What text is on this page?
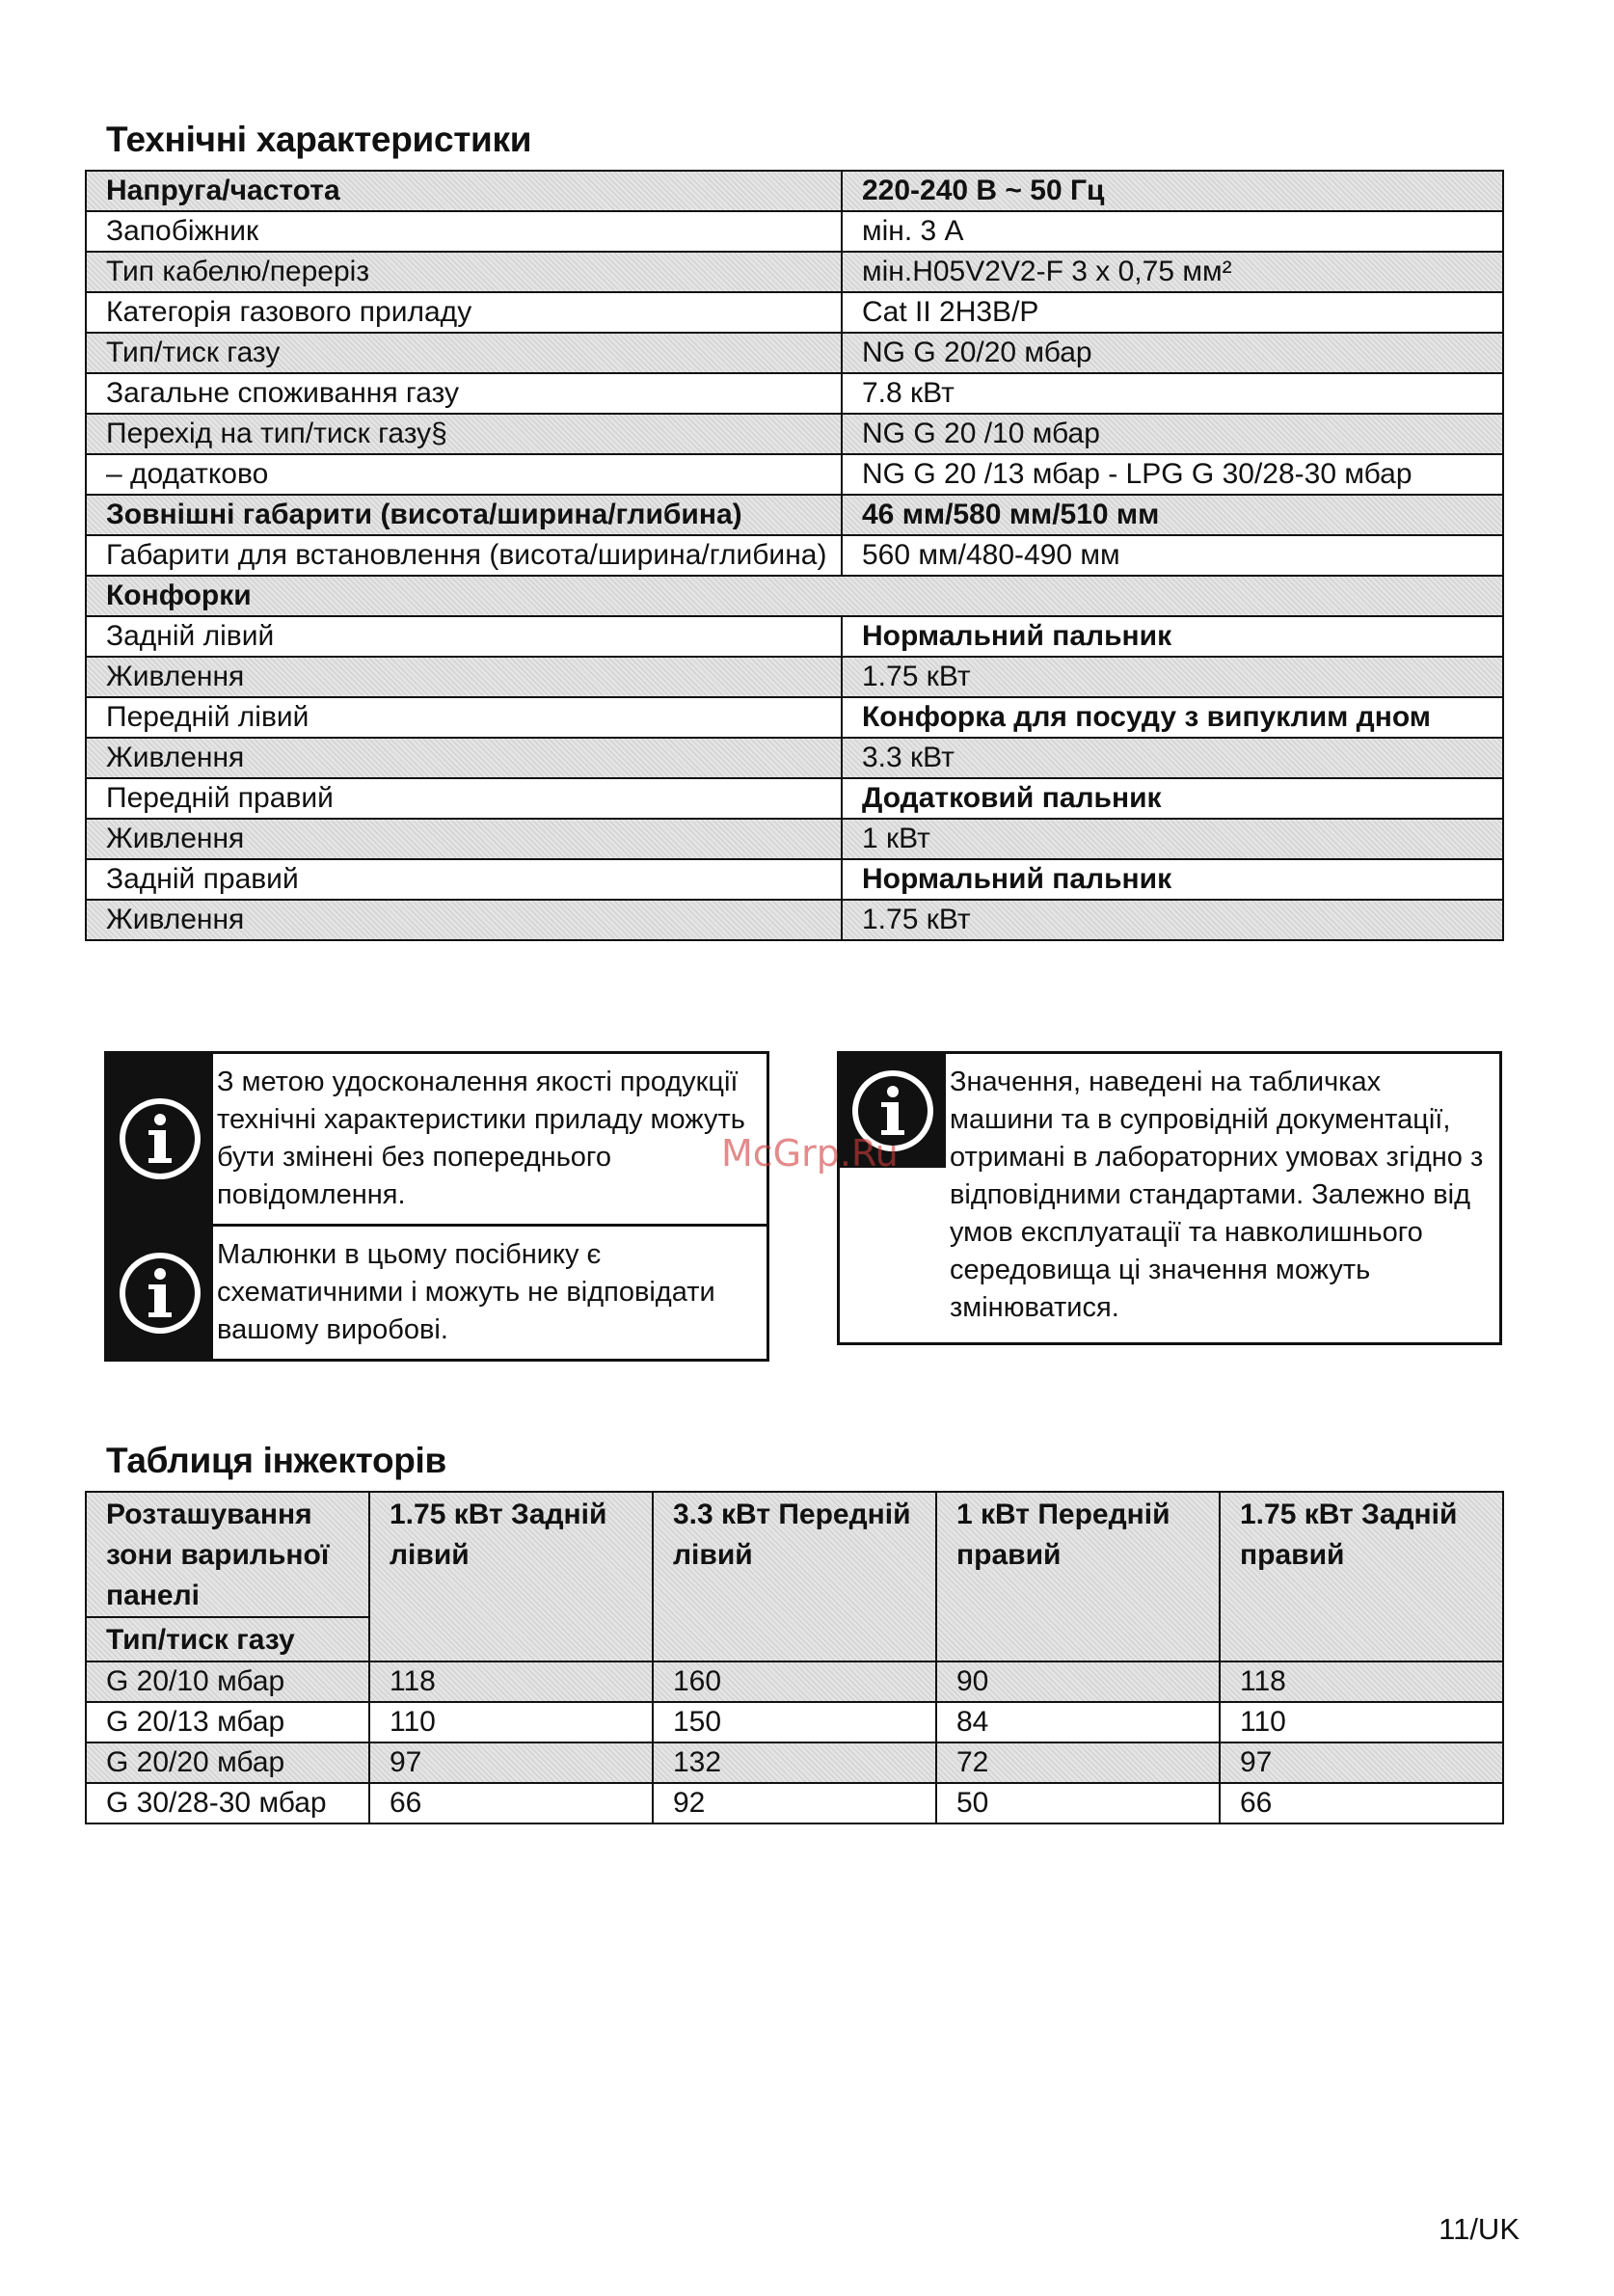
Технічні характеристики
Напруга/частота	220-240 В ~ 50 Гц
Запобіжник	мін. 3 А
Тип кабелю/переріз	мін.H05V2V2-F 3 x 0,75 мм²
Категорія газового приладу	Cat II 2H3B/P
Тип/тиск газу	NG G 20/20 мбар
Загальне споживання газу	7.8 кВт
Перехід на тип/тиск газу§	NG G 20 /10 мбар
– додатково	NG G 20 /13 мбар - LPG G 30/28-30 мбар
Зовнішні габарити (висота/ширина/глибина)	46 мм/580 мм/510 мм
Габарити для встановлення (висота/ширина/глибина)	560 мм/480-490 мм
Конфорки	
Задній лівий	Нормальний пальник
Живлення	1.75 кВт
Передній лівий	Конфорка для посуду з випуклим дном
Живлення	3.3 кВт
Передній правий	Додатковий пальник
Живлення	1 кВт
Задній правий	Нормальний пальник
Живлення	1.75 кВт
З метою удосконалення якості продукції технічні характеристики приладу можуть бути змінені без попереднього повідомлення.
Малюнки в цьому посібнику є схематичними і можуть не відповідати вашому виробові.
Значення, наведені на табличках машини та в супровідній документації, отримані в лабораторних умовах згідно з відповідними стандартами. Залежно від умов експлуатації та навколишнього середовища ці значення можуть змінюватися.
McGrp.Ru
Таблиця інжекторів
Розташування зони варильної панелі	1.75 кВт Задній лівий	3.3 кВт Передній лівий	1 кВт Передній правий	1.75 кВт Задній правий
Тип/тиск газу				
G 20/10 мбар	118	160	90	118
G 20/13 мбар	110	150	84	110
G 20/20 мбар	97	132	72	97
G 30/28-30 мбар	66	92	50	66
11/UK
